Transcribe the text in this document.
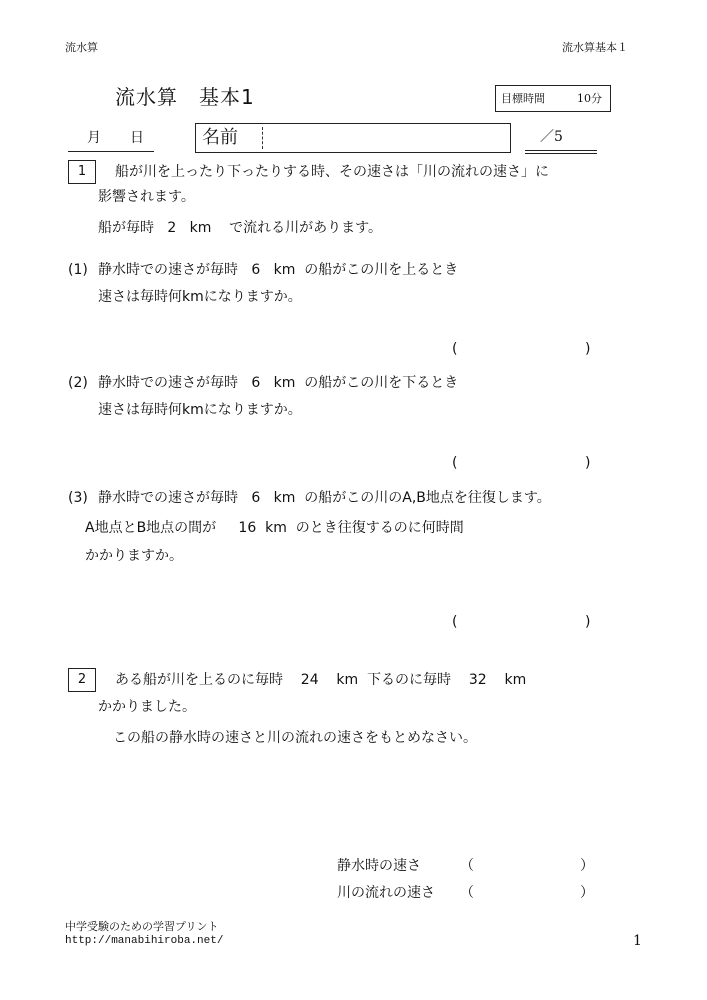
流水算	流水算基本１
流水算　基本1	目標時間	10分
月 日	名前	／5
1	船が川を上ったり下ったりする時、その速さは「川の流れの速さ」に
影響されます。
船が毎時   2   km    で流れる川があります。
(1) 静水時での速さが毎時   6   km  の船がこの川を上るとき
速さは毎時何kmになりますか。
(	)
(2) 静水時での速さが毎時   6   km  の船がこの川を下るとき
速さは毎時何kmになりますか。
(	)
(3) 静水時での速さが毎時   6   km  の船がこの川のA,B地点を往復します。
A地点とB地点の間が     16  km  のとき往復するのに何時間
かかりますか。
(	)
2	ある船が川を上るのに毎時    24    km  下るのに毎時    32    km
かかりました。
この船の静水時の速さと川の流れの速さをもとめなさい。
静水時の速さ	（	）
川の流れの速さ （	）
中学受験のための学習プリント
http://manabihiroba.net/	1
